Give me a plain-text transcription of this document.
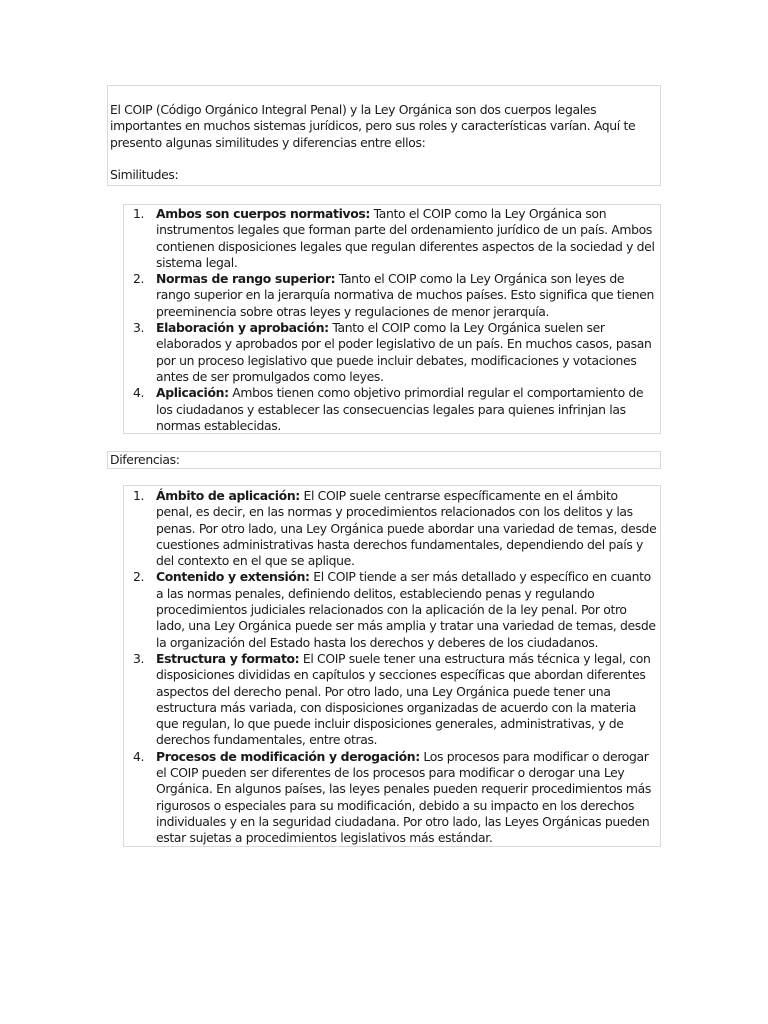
El COIP (Código Orgánico Integral Penal) y la Ley Orgánica son dos cuerpos legales importantes en muchos sistemas jurídicos, pero sus roles y características varían. Aquí te presento algunas similitudes y diferencias entre ellos:

Similitudes:

1. Ambos son cuerpos normativos: Tanto el COIP como la Ley Orgánica son instrumentos legales que forman parte del ordenamiento jurídico de un país. Ambos contienen disposiciones legales que regulan diferentes aspectos de la sociedad y del sistema legal.
2. Normas de rango superior: Tanto el COIP como la Ley Orgánica son leyes de rango superior en la jerarquía normativa de muchos países. Esto significa que tienen preeminencia sobre otras leyes y regulaciones de menor jerarquía.
3. Elaboración y aprobación: Tanto el COIP como la Ley Orgánica suelen ser elaborados y aprobados por el poder legislativo de un país. En muchos casos, pasan por un proceso legislativo que puede incluir debates, modificaciones y votaciones antes de ser promulgados como leyes.
4. Aplicación: Ambos tienen como objetivo primordial regular el comportamiento de los ciudadanos y establecer las consecuencias legales para quienes infrinjan las normas establecidas.
Diferencias:
1. Ámbito de aplicación: El COIP suele centrarse específicamente en el ámbito penal, es decir, en las normas y procedimientos relacionados con los delitos y las penas. Por otro lado, una Ley Orgánica puede abordar una variedad de temas, desde cuestiones administrativas hasta derechos fundamentales, dependiendo del país y del contexto en el que se aplique.
2. Contenido y extensión: El COIP tiende a ser más detallado y específico en cuanto a las normas penales, definiendo delitos, estableciendo penas y regulando procedimientos judiciales relacionados con la aplicación de la ley penal. Por otro lado, una Ley Orgánica puede ser más amplia y tratar una variedad de temas, desde la organización del Estado hasta los derechos y deberes de los ciudadanos.
3. Estructura y formato: El COIP suele tener una estructura más técnica y legal, con disposiciones divididas en capítulos y secciones específicas que abordan diferentes aspectos del derecho penal. Por otro lado, una Ley Orgánica puede tener una estructura más variada, con disposiciones organizadas de acuerdo con la materia que regulan, lo que puede incluir disposiciones generales, administrativas, y de derechos fundamentales, entre otras.
4. Procesos de modificación y derogación: Los procesos para modificar o derogar el COIP pueden ser diferentes de los procesos para modificar o derogar una Ley Orgánica. En algunos países, las leyes penales pueden requerir procedimientos más rigurosos o especiales para su modificación, debido a su impacto en los derechos individuales y en la seguridad ciudadana. Por otro lado, las Leyes Orgánicas pueden estar sujetas a procedimientos legislativos más estándar.
